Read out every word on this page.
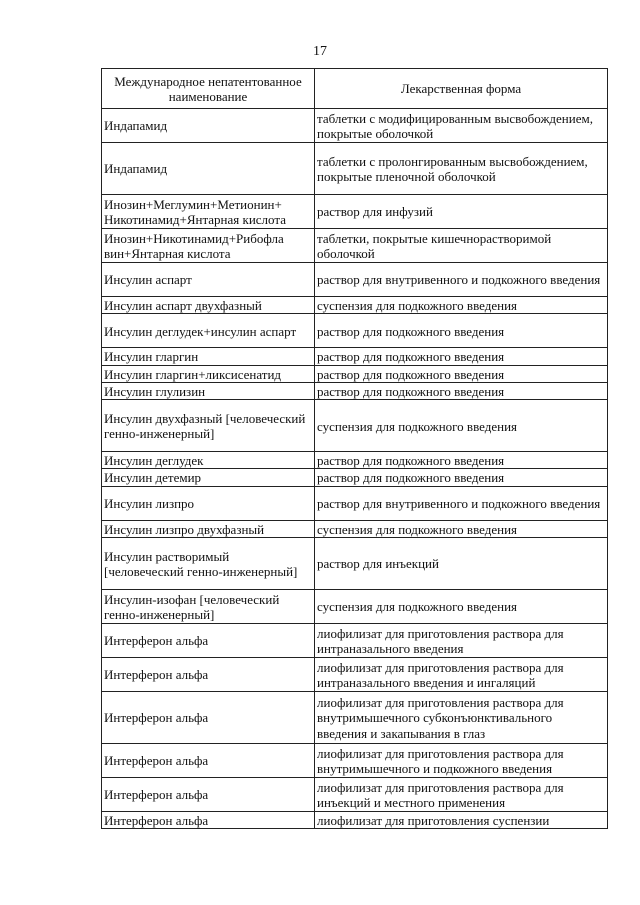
17
Международное непатентованное наименование	Лекарственная форма
Индапамид	таблетки с модифицированным высвобождением, покрытые оболочкой
Индапамид	таблетки с пролонгированным высвобождением, покрытые пленочной оболочкой
Инозин+Меглумин+Метионин+ Никотинамид+Янтарная кислота	раствор для инфузий
Инозин+Никотинамид+Рибофла вин+Янтарная кислота	таблетки, покрытые кишечнорастворимой оболочкой
Инсулин аспарт	раствор для внутривенного и подкожного введения
Инсулин аспарт двухфазный	суспензия для подкожного введения
Инсулин деглудек+инсулин аспарт	раствор для подкожного введения
Инсулин гларгин	раствор для подкожного введения
Инсулин гларгин+ликсисенатид	раствор для подкожного введения
Инсулин глулизин	раствор для подкожного введения
Инсулин двухфазный [человеческий генно-инженерный]	суспензия для подкожного введения
Инсулин деглудек	раствор для подкожного введения
Инсулин детемир	раствор для подкожного введения
Инсулин лизпро	раствор для внутривенного и подкожного введения
Инсулин лизпро двухфазный	суспензия для подкожного введения
Инсулин растворимый [человеческий генно-инженерный]	раствор для инъекций
Инсулин-изофан [человеческий генно-инженерный]	суспензия для подкожного введения
Интерферон альфа	лиофилизат для приготовления раствора для интраназального введения
Интерферон альфа	лиофилизат для приготовления раствора для интраназального введения и ингаляций
Интерферон альфа	лиофилизат для приготовления раствора для внутримышечного субконъюнктивального введения и закапывания в глаз
Интерферон альфа	лиофилизат для приготовления раствора для внутримышечного и подкожного введения
Интерферон альфа	лиофилизат для приготовления раствора для инъекций и местного применения
Интерферон альфа	лиофилизат для приготовления суспензии
